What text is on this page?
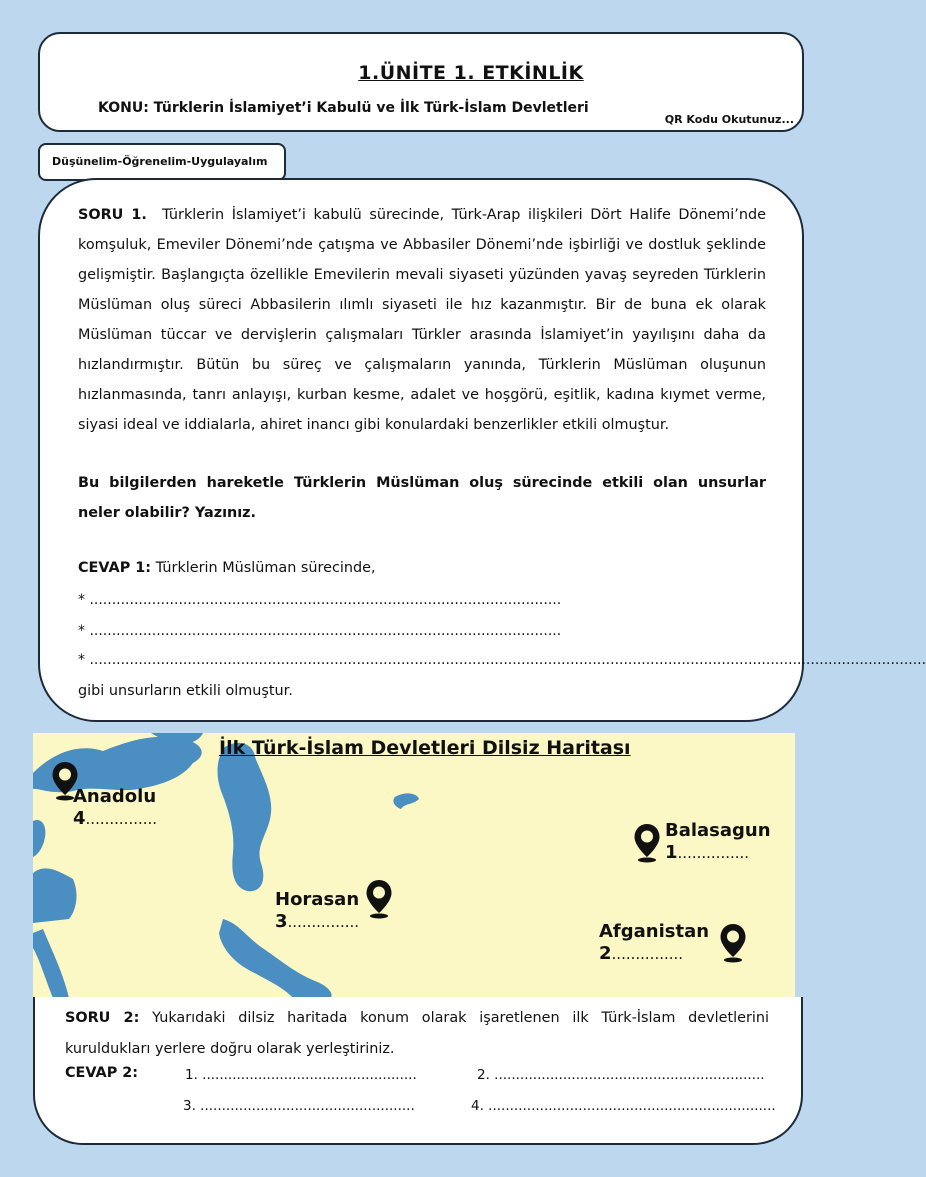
1.ÜNİTE 1. ETKİNLİK
KONU: Türklerin İslamiyet’i Kabulü ve İlk Türk-İslam Devletleri
QR Kodu Okutunuz...
Düşünelim-Öğrenelim-Uygulayalım
SORU 1. Türklerin İslamiyet’i kabulü sürecinde, Türk-Arap ilişkileri Dört Halife Dönemi’nde komşuluk, Emeviler Dönemi’nde çatışma ve Abbasiler Dönemi’nde işbirliği ve dostluk şeklinde gelişmiştir. Başlangıçta özellikle Emevilerin mevali siyaseti yüzünden yavaş seyreden Türklerin Müslüman oluş süreci Abbasilerin ılımlı siyaseti ile hız kazanmıştır. Bir de buna ek olarak Müslüman tüccar ve dervişlerin çalışmaları Türkler arasında İslamiyet’in yayılışını daha da hızlandırmıştır. Bütün bu süreç ve çalışmaların yanında, Türklerin Müslüman oluşunun hızlanmasında, tanrı anlayışı, kurban kesme, adalet ve hoşgörü, eşitlik, kadına kıymet verme, siyasi ideal ve iddialarla, ahiret inancı gibi konulardaki benzerlikler etkili olmuştur.
Bu bilgilerden hareketle Türklerin Müslüman oluş sürecinde etkili olan unsurlar neler olabilir? Yazınız.
CEVAP 1: Türklerin Müslüman sürecinde,
* ..........................................................................................................
* ..........................................................................................................
* ............................................................................................................................................................................................
gibi unsurların etkili olmuştur.
İlk Türk-İslam Devletleri Dilsiz Haritası
Anadolu
4...............
Balasagun
1...............
Horasan
3...............	Afganistan
2...............
SORU 2: Yukarıdaki dilsiz haritada konum olarak işaretlenen ilk Türk-İslam devletlerini kuruldukları yerlere doğru olarak yerleştiriniz.
CEVAP 2:	1. ..................................................	2. ...............................................................
3. ..................................................	4. ...................................................................
